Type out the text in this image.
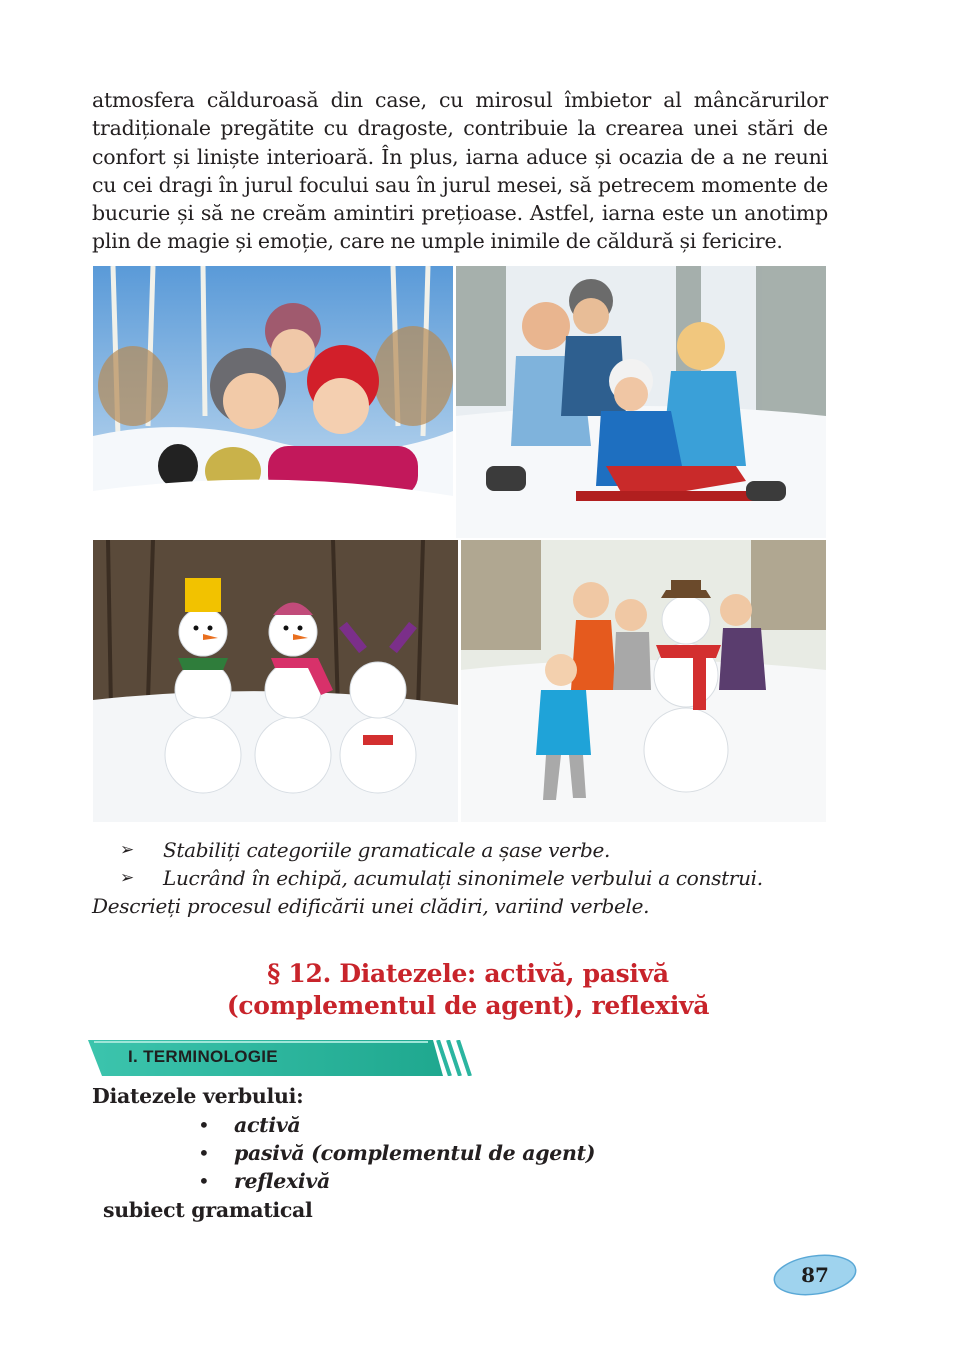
atmosfera călduroasă din case, cu mirosul îmbietor al mâncărurilor tradiționale pregătite cu dragoste, contribuie la crearea unei stări de confort și liniște interioară. În plus, iarna aduce și ocazia de a ne reuni cu cei dragi în jurul focului sau în jurul mesei, să petrecem momente de bucurie și să ne creăm amintiri prețioase. Astfel, iarna este un anotimp plin de magie și emoție, care ne umple inimile de căldură și fericire.
➢ Stabiliți categoriile gramaticale a șase verbe.
➢ Lucrând în echipă, acumulați sinonimele verbului a construi.
Descrieți procesul edificării unei clădiri, variind verbele.
§ 12. Diatezele: activă, pasivă
(complementul de agent), reflexivă
I. TERMINOLOGIE
Diatezele verbului:
• activă
• pasivă (complementul de agent)
• reflexivă
subiect gramatical
87
